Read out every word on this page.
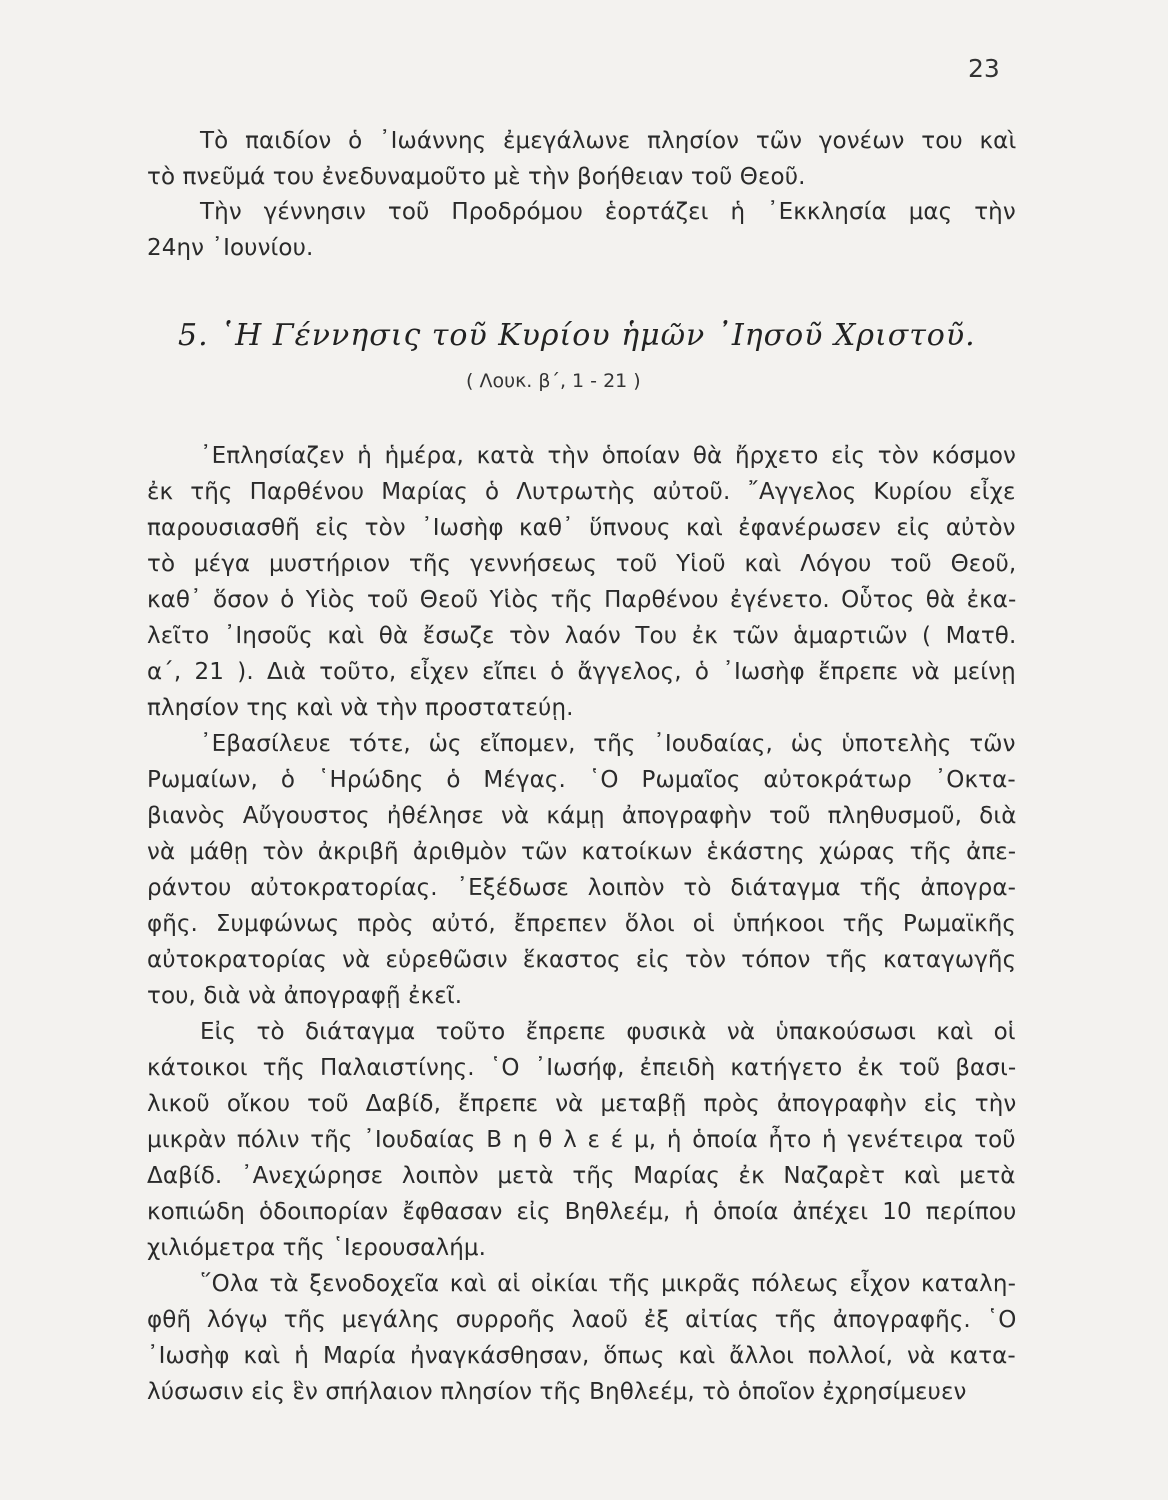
23
Τὸ παιδίον ὁ ᾿Ιωάννης ἐμεγάλωνε πλησίον τῶν γονέων του καὶ
τὸ πνεῦμά του ἐνεδυναμοῦτο μὲ τὴν βοήθειαν τοῦ Θεοῦ.
Τὴν γέννησιν τοῦ Προδρόμου ἑορτάζει ἡ ᾿Εκκλησία μας τὴν
24ην ᾿Ιουνίου.
5. ῾Η Γέννησις τοῦ Κυρίου ἡμῶν ᾿Ιησοῦ Χριστοῦ.
( Λουκ. β΄, 1 - 21 )
᾿Επλησίαζεν ἡ ἡμέρα, κατὰ τὴν ὁποίαν θὰ ἤρχετο εἰς τὸν κόσμον
ἐκ τῆς Παρθένου Μαρίας ὁ Λυτρωτὴς αὐτοῦ. ῎Αγγελος Κυρίου εἶχε
παρουσιασθῆ εἰς τὸν ᾿Ιωσὴφ καθ᾿ ὕπνους καὶ ἐφανέρωσεν εἰς αὐτὸν
τὸ μέγα μυστήριον τῆς γεννήσεως τοῦ Υἱοῦ καὶ Λόγου τοῦ Θεοῦ,
καθ᾿ ὅσον ὁ Υἱὸς τοῦ Θεοῦ Υἱὸς τῆς Παρθένου ἐγένετο. Οὗτος θὰ ἐκα-
λεῖτο ᾿Ιησοῦς καὶ θὰ ἔσωζε τὸν λαόν Του ἐκ τῶν ἁμαρτιῶν ( Ματθ.
α΄, 21 ). Διὰ τοῦτο, εἶχεν εἴπει ὁ ἄγγελος, ὁ ᾿Ιωσὴφ ἔπρεπε νὰ μείνῃ
πλησίον της καὶ νὰ τὴν προστατεύῃ.
᾿Εβασίλευε τότε, ὡς εἴπομεν, τῆς ᾿Ιουδαίας, ὡς ὑποτελὴς τῶν
Ρωμαίων, ὁ ῾Ηρώδης ὁ Μέγας. ῾Ο Ρωμαῖος αὐτοκράτωρ ᾿Οκτα-
βιανὸς Αὔγουστος ἠθέλησε νὰ κάμῃ ἀπογραφὴν τοῦ πληθυσμοῦ, διὰ
νὰ μάθῃ τὸν ἀκριβῆ ἀριθμὸν τῶν κατοίκων ἑκάστης χώρας τῆς ἀπε-
ράντου αὐτοκρατορίας. ᾿Εξέδωσε λοιπὸν τὸ διάταγμα τῆς ἀπογρα-
φῆς. Συμφώνως πρὸς αὐτό, ἔπρεπεν ὅλοι οἱ ὑπήκοοι τῆς Ρωμαϊκῆς
αὐτοκρατορίας νὰ εὑρεθῶσιν ἕκαστος εἰς τὸν τόπον τῆς καταγωγῆς
του, διὰ νὰ ἀπογραφῇ ἐκεῖ.
Εἰς τὸ διάταγμα τοῦτο ἔπρεπε φυσικὰ νὰ ὑπακούσωσι καὶ οἱ
κάτοικοι τῆς Παλαιστίνης. ῾Ο ᾿Ιωσήφ, ἐπειδὴ κατήγετο ἐκ τοῦ βασι-
λικοῦ οἴκου τοῦ Δαβίδ, ἔπρεπε νὰ μεταβῇ πρὸς ἀπογραφὴν εἰς τὴν
μικρὰν πόλιν τῆς ᾿Ιουδαίας Β η θ λ ε έ μ, ἡ ὁποία ἦτο ἡ γενέτειρα τοῦ
Δαβίδ. ᾿Ανεχώρησε λοιπὸν μετὰ τῆς Μαρίας ἐκ Ναζαρὲτ καὶ μετὰ
κοπιώδη ὁδοιπορίαν ἔφθασαν εἰς Βηθλεέμ, ἡ ὁποία ἀπέχει 10 περίπου
χιλιόμετρα τῆς ῾Ιερουσαλήμ.
῞Ολα τὰ ξενοδοχεῖα καὶ αἱ οἰκίαι τῆς μικρᾶς πόλεως εἶχον καταλη-
φθῆ λόγῳ τῆς μεγάλης συρροῆς λαοῦ ἐξ αἰτίας τῆς ἀπογραφῆς. ῾Ο
᾿Ιωσὴφ καὶ ἡ Μαρία ἠναγκάσθησαν, ὅπως καὶ ἄλλοι πολλοί, νὰ κατα-
λύσωσιν εἰς ἓν σπήλαιον πλησίον τῆς Βηθλεέμ, τὸ ὁποῖον ἐχρησίμευεν
